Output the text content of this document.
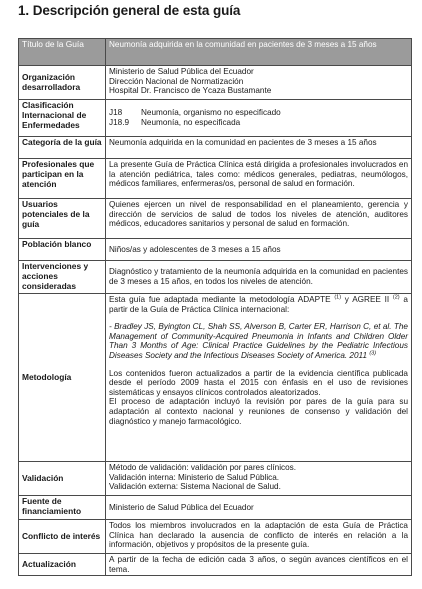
1. Descripción general de esta guía
Título de la Guía	Neumonía adquirida en la comunidad en pacientes de 3 meses a 15 años
Organización desarrolladora	Ministerio de Salud Pública del Ecuador
Dirección Nacional de Normatización
Hospital Dr. Francisco de Ycaza Bustamante

Clasificación Internacional de Enfermedades	J18 Neumonía, organismo no especificado
J18.9 Neumonía, no especificada

Categoría de la guía	Neumonía adquirida en la comunidad en pacientes de 3 meses a 15 años
Profesionales que participan en la atención	La presente Guía de Práctica Clínica está dirigida a profesionales involucrados en la atención pediátrica, tales como: médicos generales, pediatras, neumólogos, médicos familiares, enfermeras/os, personal de salud en formación.
Usuarios potenciales de la guía	Quienes ejercen un nivel de responsabilidad en el planeamiento, gerencia y dirección de servicios de salud de todos los niveles de atención, auditores médicos, educadores sanitarios y personal de salud en formación.
Población blanco	Niños/as y adolescentes de 3 meses a 15 años
Intervenciones y acciones consideradas	Diagnóstico y tratamiento de la neumonía adquirida en la comunidad en pacientes de 3 meses a 15 años, en todos los niveles de atención.
Metodología	Esta guía fue adaptada mediante la metodología ADAPTE $^{(1)}$ y AGREE II $^{(2)}$ a partir de la Guía de Práctica Clínica internacional:
- Bradley JS, Byington CL, Shah SS, Alverson B, Carter ER, Harrison C, et al. The Management of Community-Acquired Pneumonia in Infants and Children Older Than 3 Months of Age: Clinical Practice Guidelines by the Pediatric Infectious Diseases Society and the Infectious Diseases Society of America. 2011 $^{(3)}$
Los contenidos fueron actualizados a partir de la evidencia científica publicada desde el período 2009 hasta el 2015 con énfasis en el uso de revisiones sistemáticas y ensayos clínicos controlados aleatorizados.
El proceso de adaptación incluyó la revisión por pares de la guía para su adaptación al contexto nacional y reuniones de consenso y validación del diagnóstico y manejo farmacológico.

Validación	Método de validación: validación por pares clínicos.
Validación interna: Ministerio de Salud Pública.
Validación externa: Sistema Nacional de Salud.

Fuente de financiamiento	Ministerio de Salud Pública del Ecuador
Conflicto de interés	Todos los miembros involucrados en la adaptación de esta Guía de Práctica Clínica han declarado la ausencia de conflicto de interés en relación a la información, objetivos y propósitos de la presente guía.
Actualización	A partir de la fecha de edición cada 3 años, o según avances científicos en el tema.
